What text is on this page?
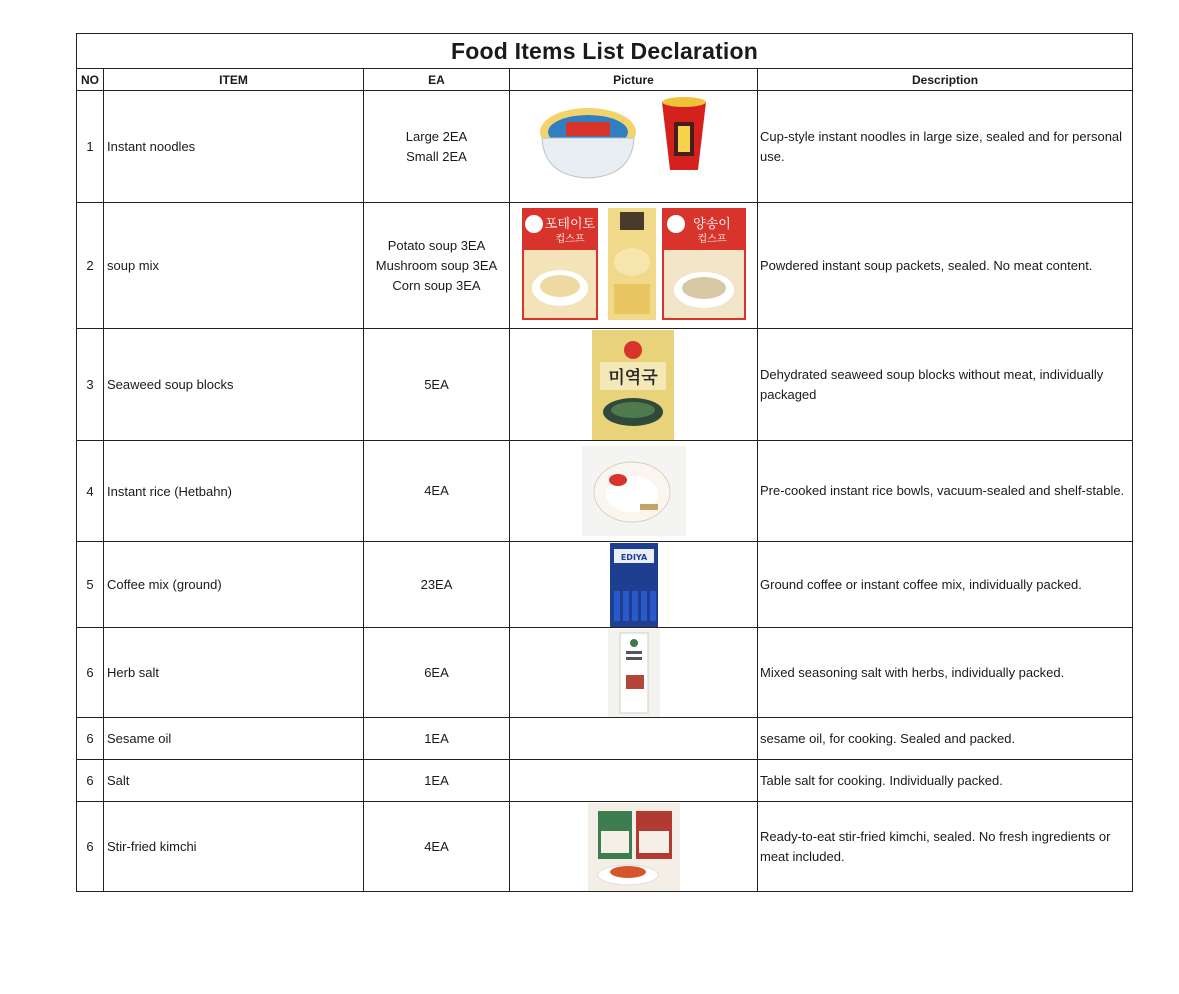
Food Items List Declaration				
NO	ITEM	EA	Picture	Description
1	Instant noodles	Large 2EA
Small 2EA		Cup-style instant noodles in large size, sealed and for personal use.
2	soup mix	Potato soup 3EA
Mushroom soup 3EA
Corn soup 3EA	포테이토
컵스프
양송이
컵스프	Powdered instant soup packets, sealed. No meat content.
3	Seaweed soup blocks	5EA	미역국	Dehydrated seaweed soup blocks without meat, individually packaged
4	Instant rice (Hetbahn)	4EA		Pre-cooked instant rice bowls, vacuum-sealed and shelf-stable.
5	Coffee mix (ground)	23EA	EDIYA	Ground coffee or instant coffee mix, individually packed.
6	Herb salt	6EA		Mixed seasoning salt with herbs, individually packed.
6	Sesame oil	1EA		sesame oil, for cooking. Sealed and packed.
6	Salt	1EA		Table salt for cooking. Individually packed.
6	Stir-fried kimchi	4EA		Ready-to-eat stir-fried kimchi, sealed. No fresh ingredients or meat included.
